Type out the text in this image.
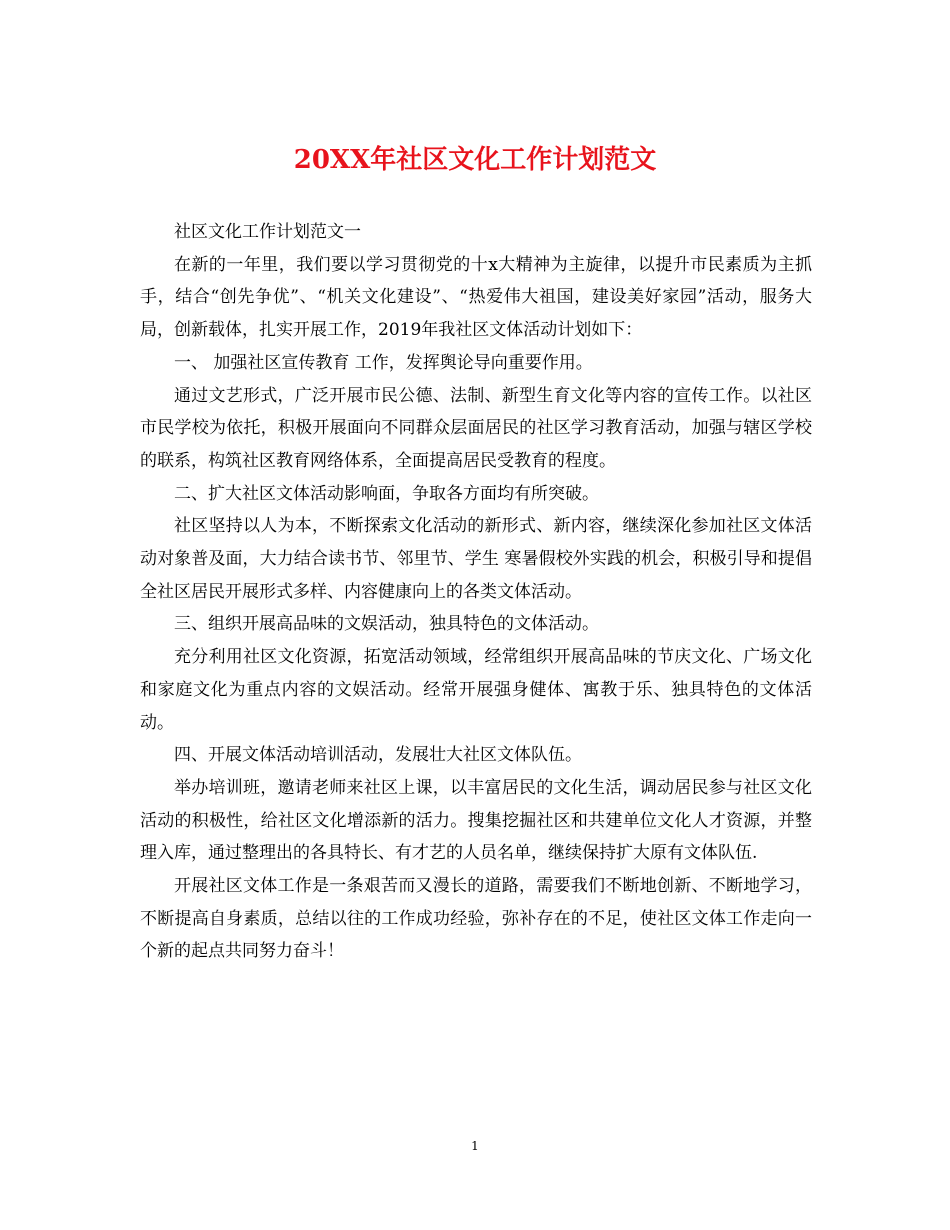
20XX年社区文化工作计划范文

社区文化工作计划范文一

在新的一年里，我们要以学习贯彻党的十x大精神为主旋律，以提升市民素质为主抓手，结合“创先争优”、“机关文化建设”、“热爱伟大祖国，建设美好家园”活动，服务大局，创新载体，扎实开展工作，2019年我社区文体活动计划如下：

一、 加强社区宣传教育 工作，发挥舆论导向重要作用。

通过文艺形式，广泛开展市民公德、法制、新型生育文化等内容的宣传工作。以社区市民学校为依托，积极开展面向不同群众层面居民的社区学习教育活动，加强与辖区学校的联系，构筑社区教育网络体系，全面提高居民受教育的程度。

二、扩大社区文体活动影响面，争取各方面均有所突破。

社区坚持以人为本，不断探索文化活动的新形式、新内容，继续深化参加社区文体活动对象普及面，大力结合读书节、邻里节、学生 寒暑假校外实践的机会，积极引导和提倡全社区居民开展形式多样、内容健康向上的各类文体活动。

三、组织开展高品味的文娱活动，独具特色的文体活动。

充分利用社区文化资源，拓宽活动领域，经常组织开展高品味的节庆文化、广场文化和家庭文化为重点内容的文娱活动。经常开展强身健体、寓教于乐、独具特色的文体活动。

四、开展文体活动培训活动，发展壮大社区文体队伍。

举办培训班，邀请老师来社区上课，以丰富居民的文化生活，调动居民参与社区文化活动的积极性，给社区文化增添新的活力。搜集挖掘社区和共建单位文化人才资源，并整理入库，通过整理出的各具特长、有才艺的人员名单，继续保持扩大原有文体队伍.

开展社区文体工作是一条艰苦而又漫长的道路，需要我们不断地创新、不断地学习，不断提高自身素质，总结以往的工作成功经验，弥补存在的不足，使社区文体工作走向一个新的起点共同努力奋斗！

1
